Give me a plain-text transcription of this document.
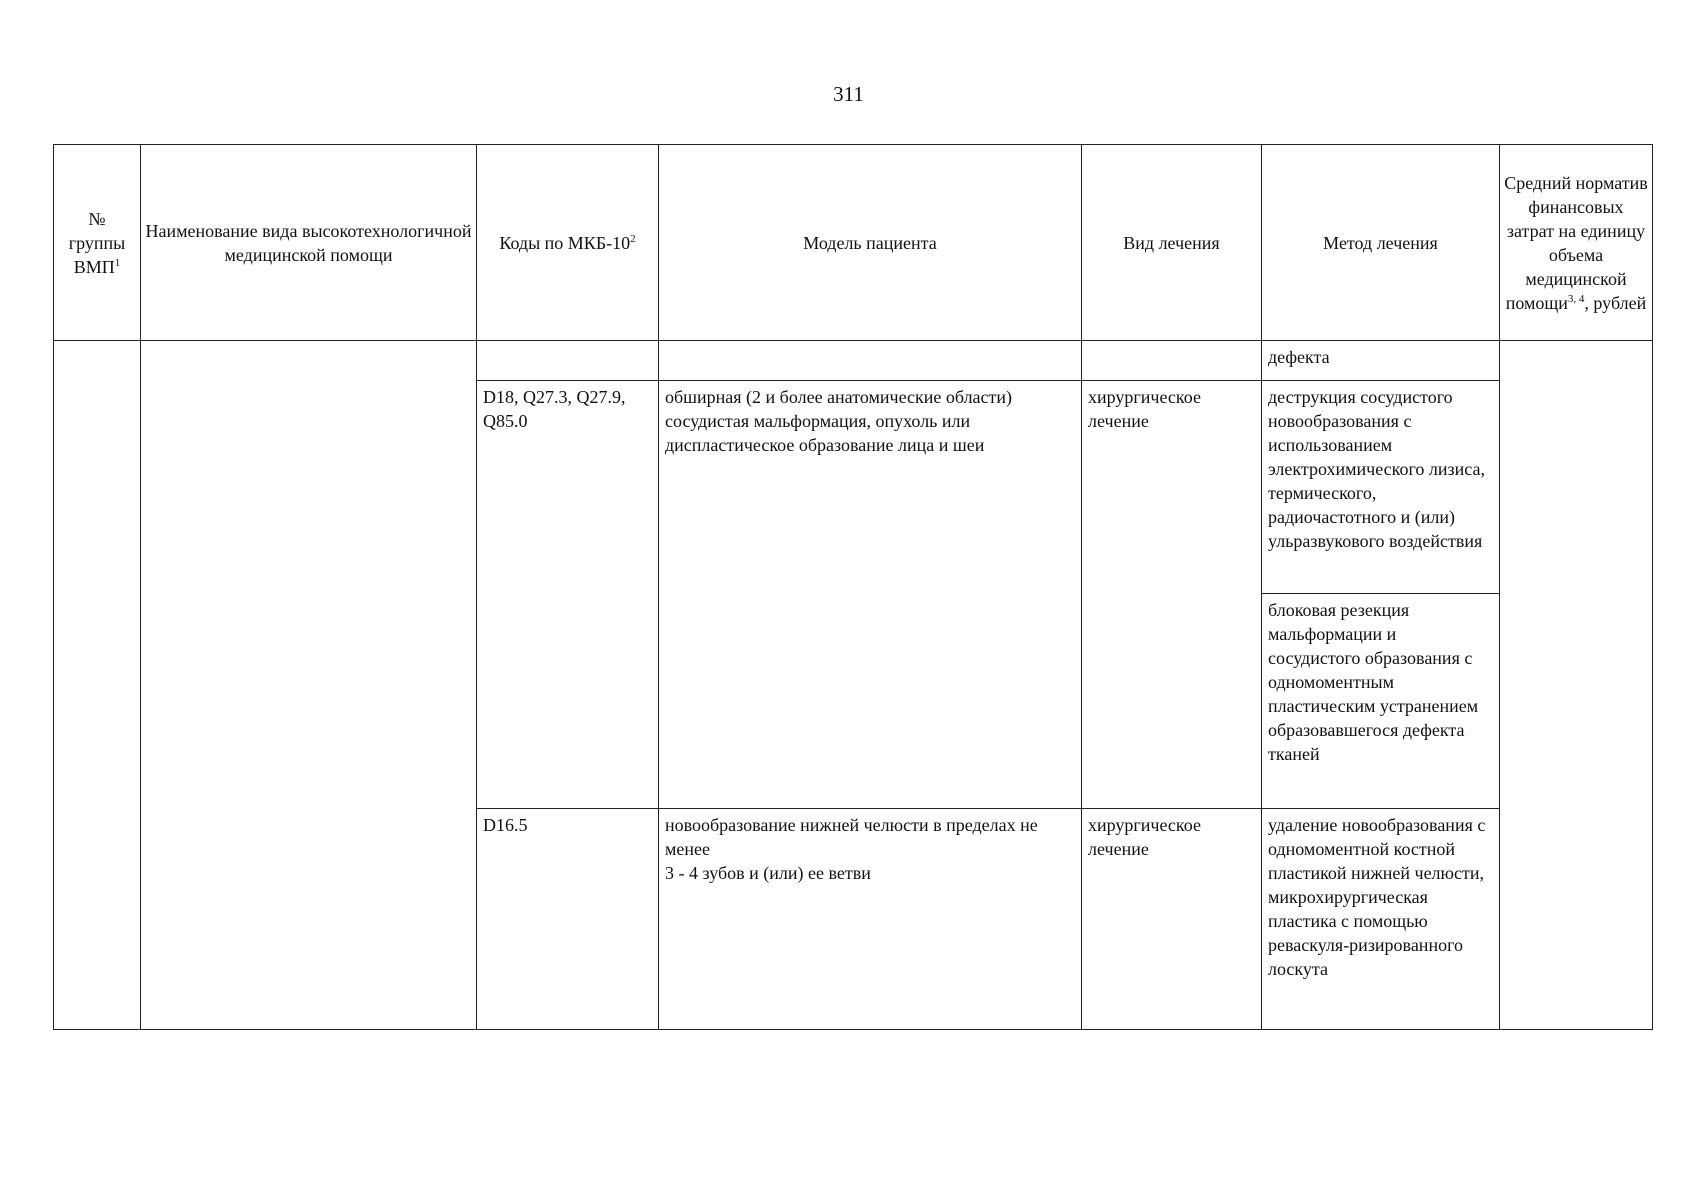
311
№ группы ВМП$^1$	Наименование вида высокотехнологичной медицинской помощи	Коды по МКБ-$10^2$	Модель пациента	Вид лечения	Метод лечения	Средний норматив финансовых затрат на единицу объема медицинской помощи$^{3, 4}$, рублей
					дефекта	
		D18, Q27.3, Q27.9, Q85.0	обширная (2 и более анатомические области) сосудистая мальформация, опухоль или диспластическое образование лица и шеи	хирургическое лечение	деструкция сосудистого новообразования с использованием электрохимического лизиса, термического, радиочастотного и (или) ульразвукового воздействия	
					блоковая резекция мальформации и сосудистого образования с одномоментным пластическим устранением образовавшегося дефекта тканей	
		D16.5	новообразование нижней челюсти в пределах не менее
3 - 4 зубов и (или) ее ветви	хирургическое лечение	удаление новообразования с одномоментной костной пластикой нижней челюсти, микрохирургическая пластика с помощью реваскуля-ризированного лоскута	
